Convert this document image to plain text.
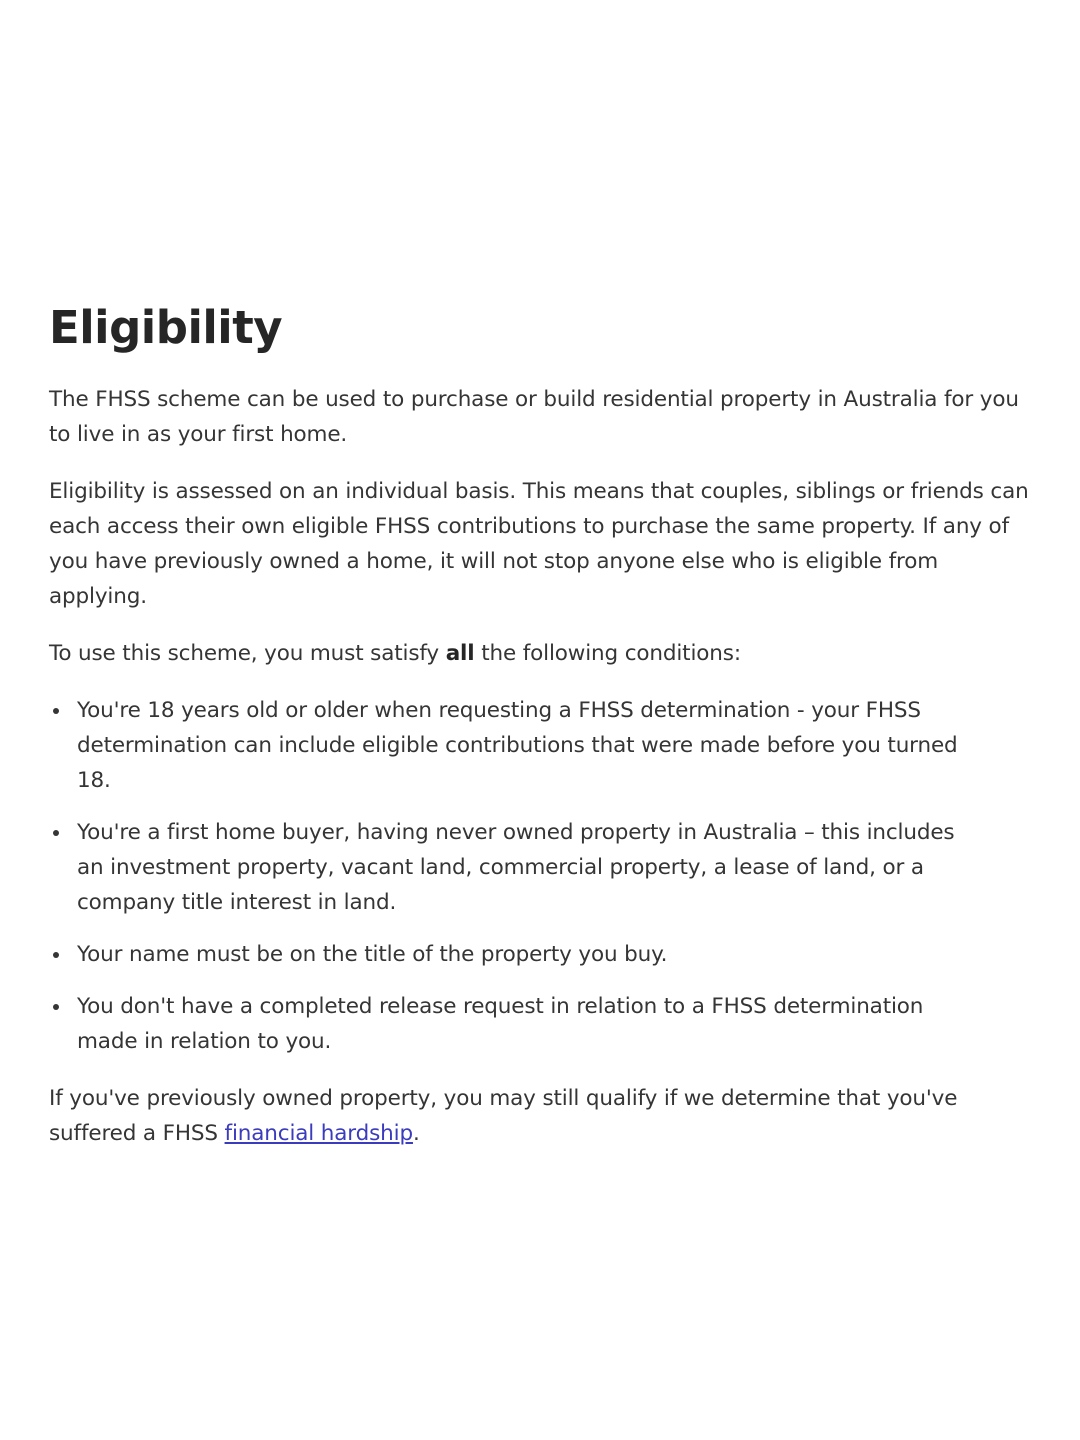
Eligibility

The FHSS scheme can be used to purchase or build residential property in Australia for you to live in as your first home.

Eligibility is assessed on an individual basis. This means that couples, siblings or friends can each access their own eligible FHSS contributions to purchase the same property. If any of you have previously owned a home, it will not stop anyone else who is eligible from applying.

To use this scheme, you must satisfy all the following conditions:

You're 18 years old or older when requesting a FHSS determination - your FHSS determination can include eligible contributions that were made before you turned 18.
You're a first home buyer, having never owned property in Australia – this includes an investment property, vacant land, commercial property, a lease of land, or a company title interest in land.
Your name must be on the title of the property you buy.
You don't have a completed release request in relation to a FHSS determination made in relation to you.

If you've previously owned property, you may still qualify if we determine that you've suffered a FHSS financial hardship.
